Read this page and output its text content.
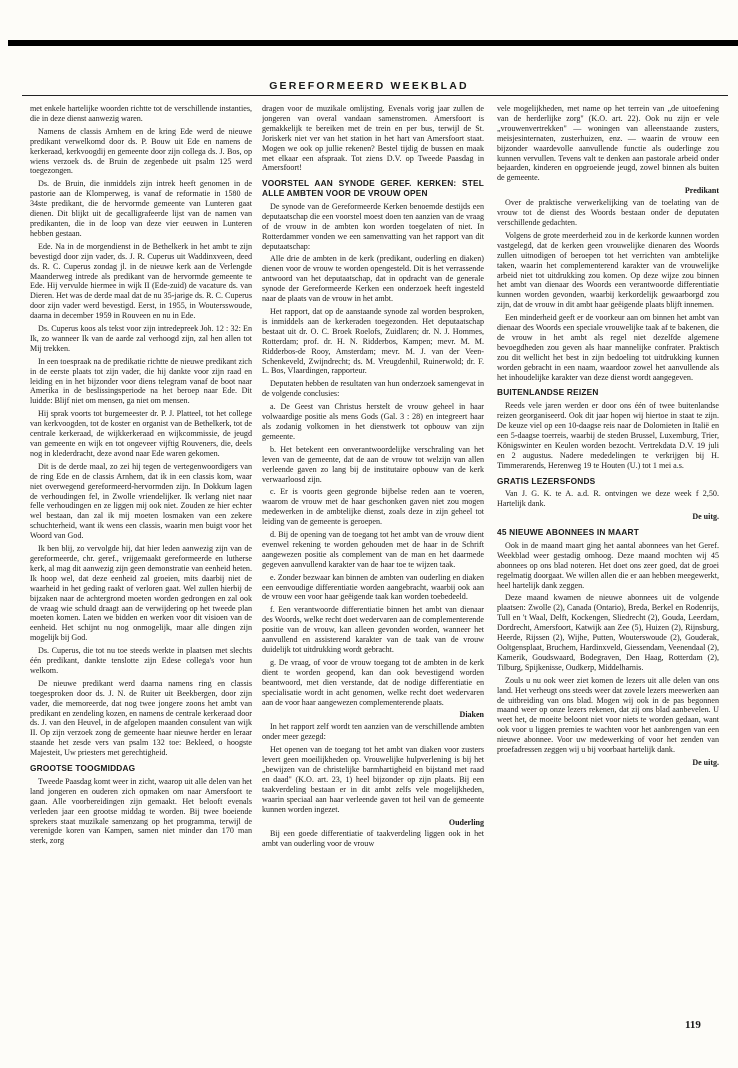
GEREFORMEERD WEEKBLAD

met enkele hartelijke woorden richtte tot de verschillende instanties, die in deze dienst aanwezig waren.

Namens de classis Arnhem en de kring Ede werd de nieuwe predikant verwelkomd door ds. P. Bouw uit Ede en namens de kerkeraad, kerkvoogdij en gemeente door zijn collega ds. J. Bos, op wiens verzoek ds. de Bruin de zegenbede uit psalm 125 werd toegezongen.

Ds. de Bruin, die inmiddels zijn intrek heeft genomen in de pastorie aan de Klomperweg, is vanaf de reformatie in 1580 de 34ste predikant, die de hervormde gemeente van Lunteren gaat dienen. Dit blijkt uit de gecalligrafeerde lijst van de namen van predikanten, die in de loop van deze vier eeuwen in Lunteren hebben gestaan.

Ede. Na in de morgendienst in de Bethelkerk in het ambt te zijn bevestigd door zijn vader, ds. J. R. Cuperus uit Waddinxveen, deed ds. R. C. Cuperus zondag jl. in de nieuwe kerk aan de Verlengde Maanderweg intrede als predikant van de hervormde gemeente te Ede. Hij vervulde hiermee in wijk II (Ede-zuid) de vacature ds. van Dieren. Het was de derde maal dat de nu 35-jarige ds. R. C. Cuperus door zijn vader werd bevestigd. Eerst, in 1955, in Woutersswoude, daarna in december 1959 in Rouveen en nu in Ede.

Ds. Cuperus koos als tekst voor zijn intredepreek Joh. 12 : 32: En Ik, zo wanneer Ik van de aarde zal verhoogd zijn, zal hen allen tot Mij trekken.

In een toespraak na de predikatie richtte de nieuwe predikant zich in de eerste plaats tot zijn vader, die hij dankte voor zijn raad en leiding en in het bijzonder voor diens telegram vanaf de boot naar Amerika in de beslissingsperiode na het beroep naar Ede. Dit luidde: Blijf niet om mensen, ga niet om mensen.

Hij sprak voorts tot burgemeester dr. P. J. Platteel, tot het college van kerkvoogden, tot de koster en organist van de Bethelkerk, tot de centrale kerkeraad, de wijkkerkeraad en wijkcommissie, de jeugd van gemeente en wijk en tot ongeveer vijftig Rouveners, die, deels nog in klederdracht, deze avond naar Ede waren gekomen.

Dit is de derde maal, zo zei hij tegen de vertegenwoordigers van de ring Ede en de classis Arnhem, dat ik in een classis kom, waar niet overwegend gereformeerd-hervormden zijn. In Dokkum lagen de verhoudingen fel, in Zwolle vriendelijker. Ik verlang niet naar felle verhoudingen en ze liggen mij ook niet. Zouden ze hier echter wel bestaan, dan zal ik mij moeten losmaken van een zekere schuchterheid, want ik wens een classis, waarin men buigt voor het Woord van God.

Ik ben blij, zo vervolgde hij, dat hier leden aanwezig zijn van de gereformeerde, chr. geref., vrijgemaakt gereformeerde en lutherse kerk, al mag dit aanwezig zijn geen demonstratie van eenheid heten. Ik hoop wel, dat deze eenheid zal groeien, mits daarbij niet de waarheid in het geding raakt of verloren gaat. Wel zullen hierbij de bijzaken naar de achtergrond moeten worden gedrongen en zal ook de vraag wie schuld draagt aan de verwijdering op het tweede plan moeten komen. Laten we bidden en werken voor dit visioen van de eenheid. Het schijnt nu nog onmogelijk, maar alle dingen zijn mogelijk bij God.

Ds. Cuperus, die tot nu toe steeds werkte in plaatsen met slechts één predikant, dankte tenslotte zijn Edese collega's voor hun welkom.

De nieuwe predikant werd daarna namens ring en classis toegesproken door ds. J. N. de Ruiter uit Beekbergen, door zijn vader, die memoreerde, dat nog twee jongere zoons het ambt van predikant en zendeling kozen, en namens de centrale kerkeraad door ds. J. van den Heuvel, in de afgelopen maanden consulent van wijk II. Op zijn verzoek zong de gemeente haar nieuwe herder en leraar staande het zesde vers van psalm 132 toe: Bekleed, o hoogste Majesteit, Uw priesters met gerechtigheid.

GROOTSE TOOGMIDDAG

Tweede Paasdag komt weer in zicht, waarop uit alle delen van het land jongeren en ouderen zich opmaken om naar Amersfoort te gaan. Alle voorbereidingen zijn gemaakt. Het belooft evenals verleden jaar een grootse middag te worden. Bij twee boeiende sprekers staat muzikale samenzang op het programma, terwijl de verenigde koren van Kampen, samen niet minder dan 170 man sterk, zorg

dragen voor de muzikale omlijsting. Evenals vorig jaar zullen de jongeren van overal vandaan samenstromen. Amersfoort is gemakkelijk te bereiken met de trein en per bus, terwijl de St. Joriskerk niet ver van het station in het hart van Amersfoort staat. Mogen we ook op jullie rekenen? Bestel tijdig de bussen en maak met elkaar een afspraak. Tot ziens D.V. op Tweede Paasdag in Amersfoort!

VOORSTEL AAN SYNODE GEREF. KERKEN: STEL ALLE AMBTEN VOOR DE VROUW OPEN

De synode van de Gereformeerde Kerken benoemde destijds een deputaatschap die een voorstel moest doen ten aanzien van de vraag of de vrouw in de ambten kon worden toegelaten of niet. In Rotterdammer vonden we een samenvatting van het rapport van dit deputaatschap:

Alle drie de ambten in de kerk (predikant, ouderling en diaken) dienen voor de vrouw te worden opengesteld. Dit is het verrassende antwoord van het deputaatschap, dat in opdracht van de generale synode der Gereformeerde Kerken een onderzoek heeft ingesteld naar de plaats van de vrouw in het ambt.

Het rapport, dat op de aanstaande synode zal worden besproken, is inmiddels aan de kerkeraden toegezonden. Het deputaatschap bestaat uit dr. O. C. Broek Roelofs, Zuidlaren; dr. N. J. Hommes, Rotterdam; prof. dr. H. N. Ridderbos, Kampen; mevr. M. M. Ridderbos-de Rooy, Amsterdam; mevr. M. J. van der Veen-Schenkeveld, Zwijndrecht; ds. M. Vreugdenhil, Ruinerwold; dr. F. L. Bos, Vlaardingen, rapporteur.

Deputaten hebben de resultaten van hun onderzoek samengevat in de volgende conclusies:

a. De Geest van Christus herstelt de vrouw geheel in haar volwaardige positie als mens Gods (Gal. 3 : 28) en integreert haar als zodanig volkomen in het dienstwerk tot opbouw van zijn gemeente.

b. Het betekent een onverantwoordelijke verschraling van het leven van de gemeente, dat de aan de vrouw tot welzijn van allen verleende gaven zo lang bij de institutaire opbouw van de kerk verwaarloosd zijn.

c. Er is voorts geen gegronde bijbelse reden aan te voeren, waarom de vrouw met de haar geschonken gaven niet zou mogen medewerken in de ambtelijke dienst, zoals deze in zijn geheel tot leiding van de gemeente is geroepen.

d. Bij de opening van de toegang tot het ambt van de vrouw dient evenwel rekening te worden gehouden met de haar in de Schrift aangewezen positie als complement van de man en het daarmede gegeven aanvullend karakter van de haar toe te wijzen taak.

e. Zonder bezwaar kan binnen de ambten van ouderling en diaken een eenvoudige differentiatie worden aangebracht, waarbij ook aan de vrouw een voor haar geëigende taak kan worden toebedeeld.

f. Een verantwoorde differentiatie binnen het ambt van dienaar des Woords, welke recht doet wedervaren aan de complementerende positie van de vrouw, kan alleen gevonden worden, wanneer het aanvullend en assisterend karakter van de taak van de vrouw duidelijk tot uitdrukking wordt gebracht.

g. De vraag, of voor de vrouw toegang tot de ambten in de kerk dient te worden geopend, kan dan ook bevestigend worden beantwoord, met dien verstande, dat de nodige differentiatie en specialisatie wordt in acht genomen, welke recht doet wedervaren aan de voor haar aangewezen complementerende plaats.

Diaken

In het rapport zelf wordt ten aanzien van de verschillende ambten onder meer gezegd:

Het openen van de toegang tot het ambt van diaken voor zusters levert geen moeilijkheden op. Vrouwelijke hulpverlening is bij het „bewijzen van de christelijke barmhartigheid en bijstand met raad en daad" (K.O. art. 23, 1) heel bijzonder op zijn plaats. Bij een taakverdeling bestaan er in dit ambt zelfs vele mogelijkheden, waarin speciaal aan haar verleende gaven tot heil van de gemeente kunnen worden ingezet.

Ouderling

Bij een goede differentiatie of taakverdeling liggen ook in het ambt van ouderling voor de vrouw

vele mogelijkheden, met name op het terrein van „de uitoefening van de herderlijke zorg" (K.O. art. 22). Ook nu zijn er vele „vrouwenvertrekken" — woningen van alleenstaande zusters, meisjesinternaten, zusterhuizen, enz. — waarin de vrouw een bijzonder waardevolle aanvullende functie als ouderlinge zou kunnen vervullen. Tevens valt te denken aan pastorale arbeid onder bejaarden, kinderen en opgroeiende jeugd, zowel binnen als buiten de gemeente.

Predikant

Over de praktische verwerkelijking van de toelating van de vrouw tot de dienst des Woords bestaan onder de deputaten verschillende gedachten.

Volgens de grote meerderheid zou in de kerkorde kunnen worden vastgelegd, dat de kerken geen vrouwelijke dienaren des Woords zullen uitnodigen of beroepen tot het verrichten van ambtelijke taken, waarin het complementerend karakter van de vrouwelijke arbeid niet tot uitdrukking zou komen. Op deze wijze zou binnen het ambt van dienaar des Woords een verantwoorde differentiatie kunnen worden gevonden, waarbij kerkordelijk gewaarborgd zou zijn, dat de vrouw in dit ambt haar geëigende plaats blijft innemen.

Een minderheid geeft er de voorkeur aan om binnen het ambt van dienaar des Woords een speciale vrouwelijke taak af te bakenen, die de vrouw in het ambt als regel niet dezelfde algemene bevoegdheden zou geven als haar mannelijke confrater. Praktisch zou dit wellicht het best in zijn bedoeling tot uitdrukking kunnen worden gebracht in een naam, waardoor zowel het aanvullende als het inhoudelijke karakter van deze dienst wordt aangegeven.

BUITENLANDSE REIZEN

Reeds vele jaren werden er door ons één of twee buitenlandse reizen georganiseerd. Ook dit jaar hopen wij hiertoe in staat te zijn. De keuze viel op een 10-daagse reis naar de Dolomieten in Italië en een 5-daagse toerreis, waarbij de steden Brussel, Luxemburg, Trier, Königswinter en Keulen worden bezocht. Vertrekdata D.V. 19 juli en 2 augustus. Nadere mededelingen te verkrijgen bij H. Timmerarends, Herenweg 19 te Houten (U.) tot 1 mei a.s.

GRATIS LEZERSFONDS

Van J. G. K. te A. a.d. R. ontvingen we deze week f 2,50. Hartelijk dank.

De uitg.
45 NIEUWE ABONNEES IN MAART

Ook in de maand maart ging het aantal abonnees van het Geref. Weekblad weer gestadig omhoog. Deze maand mochten wij 45 abonnees op ons blad noteren. Het doet ons zeer goed, dat de groei regelmatig doorgaat. We willen allen die er aan hebben meegewerkt, heel hartelijk dank zeggen.

Deze maand kwamen de nieuwe abonnees uit de volgende plaatsen: Zwolle (2), Canada (Ontario), Breda, Berkel en Rodenrijs, Tull en 't Waal, Delft, Kockengen, Sliedrecht (2), Gouda, Leerdam, Dordrecht, Amersfoort, Katwijk aan Zee (5), Huizen (2), Rijnsburg, Heerde, Rijssen (2), Wijhe, Putten, Wouterswoude (2), Gouderak, Ooltgensplaat, Bruchem, Hardinxveld, Giessendam, Veenendaal (2), Kamerik, Goudswaard, Bodegraven, Den Haag, Rotterdam (2), Tilburg, Spijkenisse, Oudkerp, Middelharnis.

Zouls u nu ook weer ziet komen de lezers uit alle delen van ons land. Het verheugt ons steeds weer dat zovele lezers meewerken aan de uitbreiding van ons blad. Mogen wij ook in de pas begonnen maand weer op onze lezers rekenen, dat zij ons blad aanbevelen. U weet het, de moeite beloont niet voor niets te worden gedaan, want ook voor u liggen premies te wachten voor het aanbrengen van een nieuwe abonnee. Voor uw medewerking of voor het zenden van proefadressen zeggen wij u bij voorbaat hartelijk dank.

De uitg.
119
